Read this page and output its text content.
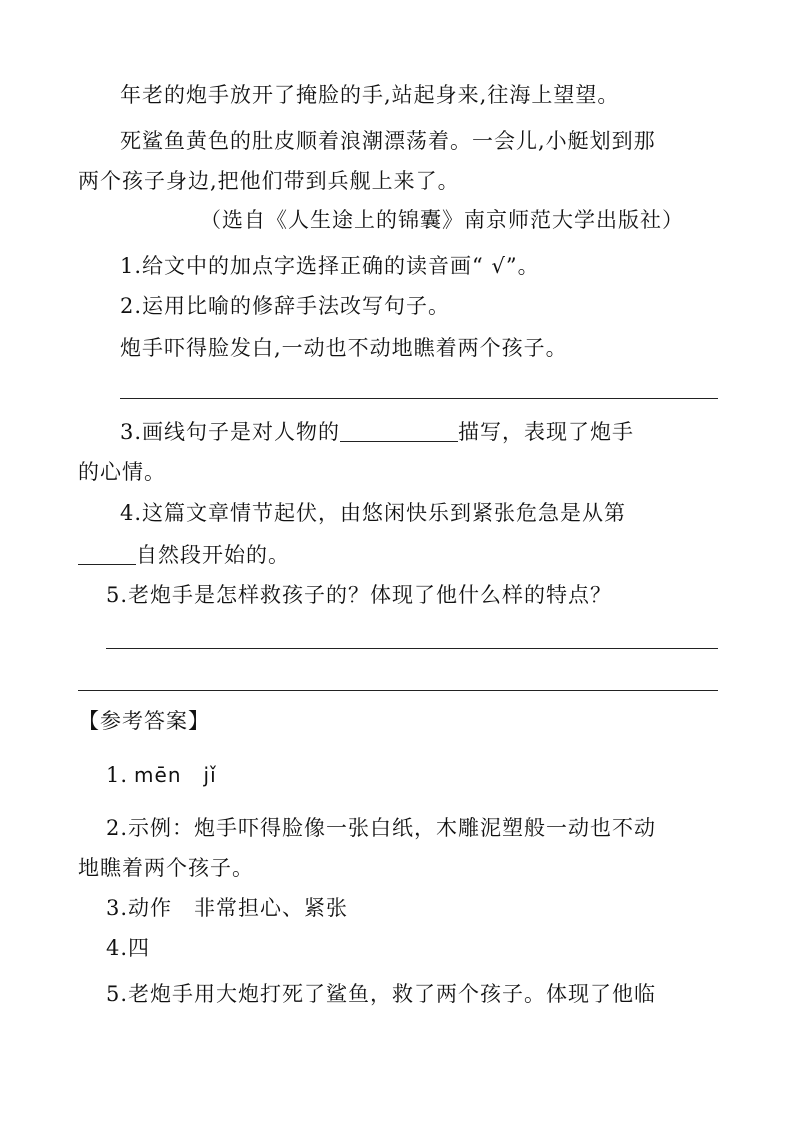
年老的炮手放开了掩脸的手,站起身来,往海上望望。
死鲨鱼黄色的肚皮顺着浪潮漂荡着。一会儿,小艇划到那
两个孩子身边,把他们带到兵舰上来了。
（选自《人生途上的锦囊》南京师范大学出版社）
1.给文中的加点字选择正确的读音画“ √”。
2.运用比喻的修辞手法改写句子。
炮手吓得脸发白,一动也不动地瞧着两个孩子。
3.画线句子是对人物的	描写，表现了炮手
的心情。
4.这篇文章情节起伏，由悠闲快乐到紧张危急是从第
自然段开始的。
5.老炮手是怎样救孩子的？体现了他什么样的特点？
【参考答案】
1. mēn jǐ
2.示例：炮手吓得脸像一张白纸，木雕泥塑般一动也不动
地瞧着两个孩子。
3.动作　非常担心、紧张
4.四
5.老炮手用大炮打死了鲨鱼，救了两个孩子。体现了他临
